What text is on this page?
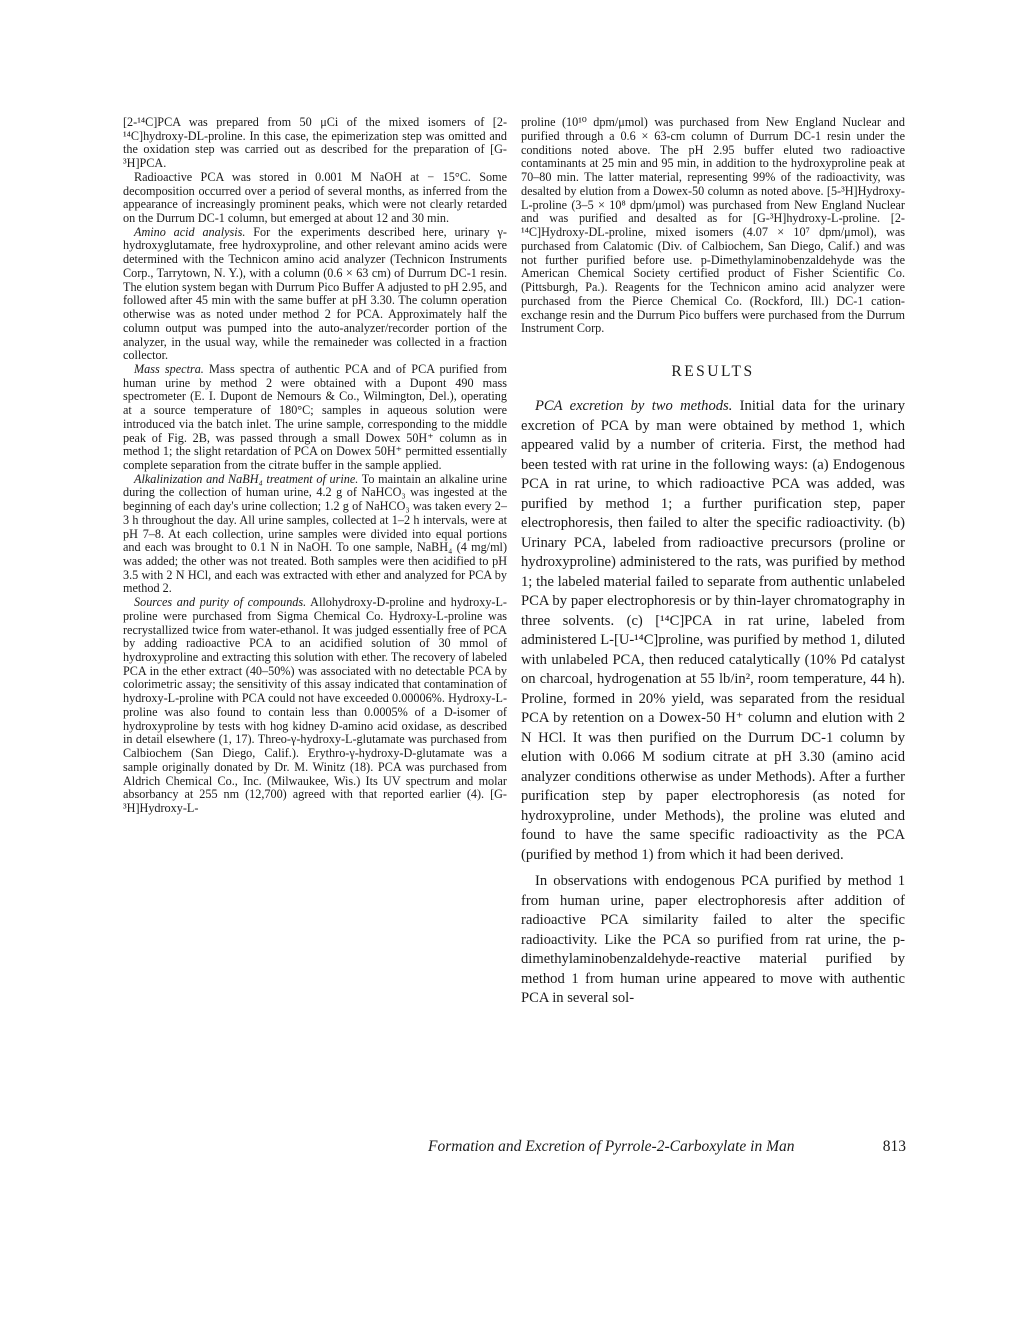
[2-¹⁴C]PCA was prepared from 50 μCi of the mixed isomers of [2-¹⁴C]hydroxy-DL-proline. In this case, the epimerization step was omitted and the oxidation step was carried out as described for the preparation of [G-³H]PCA.

Radioactive PCA was stored in 0.001 M NaOH at − 15°C. Some decomposition occurred over a period of several months, as inferred from the appearance of increasingly prominent peaks, which were not clearly retarded on the Durrum DC-1 column, but emerged at about 12 and 30 min.

Amino acid analysis. For the experiments described here, urinary γ-hydroxyglutamate, free hydroxyproline, and other relevant amino acids were determined with the Technicon amino acid analyzer (Technicon Instruments Corp., Tarrytown, N. Y.), with a column (0.6 × 63 cm) of Durrum DC-1 resin. The elution system began with Durrum Pico Buffer A adjusted to pH 2.95, and followed after 45 min with the same buffer at pH 3.30. The column operation otherwise was as noted under method 2 for PCA. Approximately half the column output was pumped into the auto-analyzer/recorder portion of the analyzer, in the usual way, while the remaineder was collected in a fraction collector.

Mass spectra. Mass spectra of authentic PCA and of PCA purified from human urine by method 2 were obtained with a Dupont 490 mass spectrometer (E. I. Dupont de Nemours & Co., Wilmington, Del.), operating at a source temperature of 180°C; samples in aqueous solution were introduced via the batch inlet. The urine sample, corresponding to the middle peak of Fig. 2B, was passed through a small Dowex 50H⁺ column as in method 1; the slight retardation of PCA on Dowex 50H⁺ permitted essentially complete separation from the citrate buffer in the sample applied.

Alkalinization and NaBH₄ treatment of urine. To maintain an alkaline urine during the collection of human urine, 4.2 g of NaHCO₃ was ingested at the beginning of each day's urine collection; 1.2 g of NaHCO₃ was taken every 2–3 h throughout the day. All urine samples, collected at 1–2 h intervals, were at pH 7–8. At each collection, urine samples were divided into equal portions and each was brought to 0.1 N in NaOH. To one sample, NaBH₄ (4 mg/ml) was added; the other was not treated. Both samples were then acidified to pH 3.5 with 2 N HCl, and each was extracted with ether and analyzed for PCA by method 2.

Sources and purity of compounds. Allohydroxy-D-proline and hydroxy-L-proline were purchased from Sigma Chemical Co. Hydroxy-L-proline was recrystallized twice from water-ethanol. It was judged essentially free of PCA by adding radioactive PCA to an acidified solution of 30 mmol of hydroxyproline and extracting this solution with ether. The recovery of labeled PCA in the ether extract (40–50%) was associated with no detectable PCA by colorimetric assay; the sensitivity of this assay indicated that contamination of hydroxy-L-proline with PCA could not have exceeded 0.00006%. Hydroxy-L-proline was also found to contain less than 0.0005% of a D-isomer of hydroxyproline by tests with hog kidney D-amino acid oxidase, as described in detail elsewhere (1, 17). Threo-γ-hydroxy-L-glutamate was purchased from Calbiochem (San Diego, Calif.). Erythro-γ-hydroxy-D-glutamate was a sample originally donated by Dr. M. Winitz (18). PCA was purchased from Aldrich Chemical Co., Inc. (Milwaukee, Wis.) Its UV spectrum and molar absorbancy at 255 nm (12,700) agreed with that reported earlier (4). [G-³H]Hydroxy-L-

proline (10¹⁰ dpm/μmol) was purchased from New England Nuclear and purified through a 0.6 × 63-cm column of Durrum DC-1 resin under the conditions noted above. The pH 2.95 buffer eluted two radioactive contaminants at 25 min and 95 min, in addition to the hydroxyproline peak at 70–80 min. The latter material, representing 99% of the radioactivity, was desalted by elution from a Dowex-50 column as noted above. [5-³H]Hydroxy-L-proline (3–5 × 10⁸ dpm/μmol) was purchased from New England Nuclear and was purified and desalted as for [G-³H]hydroxy-L-proline. [2-¹⁴C]Hydroxy-DL-proline, mixed isomers (4.07 × 10⁷ dpm/μmol), was purchased from Calatomic (Div. of Calbiochem, San Diego, Calif.) and was not further purified before use. p-Dimethylaminobenzaldehyde was the American Chemical Society certified product of Fisher Scientific Co. (Pittsburgh, Pa.). Reagents for the Technicon amino acid analyzer were purchased from the Pierce Chemical Co. (Rockford, Ill.) DC-1 cation-exchange resin and the Durrum Pico buffers were purchased from the Durrum Instrument Corp.

RESULTS

PCA excretion by two methods. Initial data for the urinary excretion of PCA by man were obtained by method 1, which appeared valid by a number of criteria. First, the method had been tested with rat urine in the following ways: (a) Endogenous PCA in rat urine, to which radioactive PCA was added, was purified by method 1; a further purification step, paper electrophoresis, then failed to alter the specific radioactivity. (b) Urinary PCA, labeled from radioactive precursors (proline or hydroxyproline) administered to the rats, was purified by method 1; the labeled material failed to separate from authentic unlabeled PCA by paper electrophoresis or by thin-layer chromatography in three solvents. (c) [¹⁴C]PCA in rat urine, labeled from administered L-[U-¹⁴C]proline, was purified by method 1, diluted with unlabeled PCA, then reduced catalytically (10% Pd catalyst on charcoal, hydrogenation at 55 lb/in², room temperature, 44 h). Proline, formed in 20% yield, was separated from the residual PCA by retention on a Dowex-50 H⁺ column and elution with 2 N HCl. It was then purified on the Durrum DC-1 column by elution with 0.066 M sodium citrate at pH 3.30 (amino acid analyzer conditions otherwise as under Methods). After a further purification step by paper electrophoresis (as noted for hydroxyproline, under Methods), the proline was eluted and found to have the same specific radioactivity as the PCA (purified by method 1) from which it had been derived.

In observations with endogenous PCA purified by method 1 from human urine, paper electrophoresis after addition of radioactive PCA similarity failed to alter the specific radioactivity. Like the PCA so purified from rat urine, the p-dimethylaminobenzaldehyde-reactive material purified by method 1 from human urine appeared to move with authentic PCA in several sol-

Formation and Excretion of Pyrrole-2-Carboxylate in Man	813
